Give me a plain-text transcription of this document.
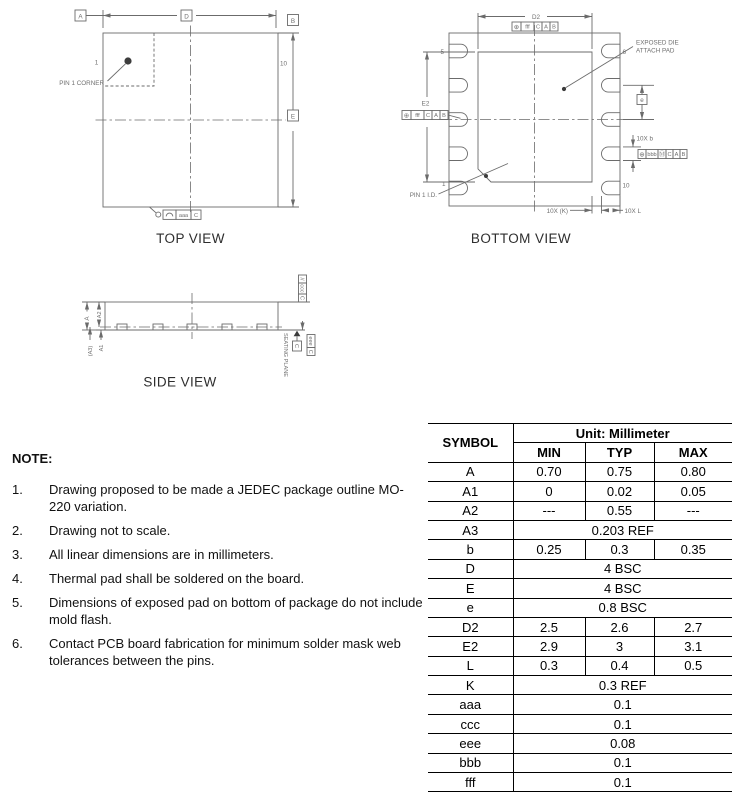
A	D
B
E
10
1
PIN 1 CORNER
aaa C
TOP VIEW
5
1
6
10
D2
⊕ fff C A B
E2
⊕ fff C A B
EXPOSED DIE
ATTACH PAD
e
10X b
⊕ bbb Ⓜ C A B
PIN 1 I.D.
10X (K)	10X L
BOTTOM VIEW
A
A2
A1
(A3)
//
ccc
C
C
SEATING PLANE	eee
C
SIDE VIEW
NOTE:
1.	Drawing proposed to be made a JEDEC package outline MO-220 variation.
2.	Drawing not to scale.
3.	All linear dimensions are in millimeters.
4.	Thermal pad shall be soldered on the board.
5.	Dimensions of exposed pad on bottom of package do not include mold flash.
6.	Contact PCB board fabrication for minimum solder mask web tolerances between the pins.
SYMBOL	Unit: Millimeter		
	MIN	TYP	MAX
A	0.70	0.75	0.80
A1	0	0.02	0.05
A2	---	0.55	---
A3	0.203 REF		
b	0.25	0.3	0.35
D	4 BSC		
E	4 BSC		
e	0.8 BSC		
D2	2.5	2.6	2.7
E2	2.9	3	3.1
L	0.3	0.4	0.5
K	0.3 REF		
aaa	0.1		
ccc	0.1		
eee	0.08		
bbb	0.1		
fff	0.1		
